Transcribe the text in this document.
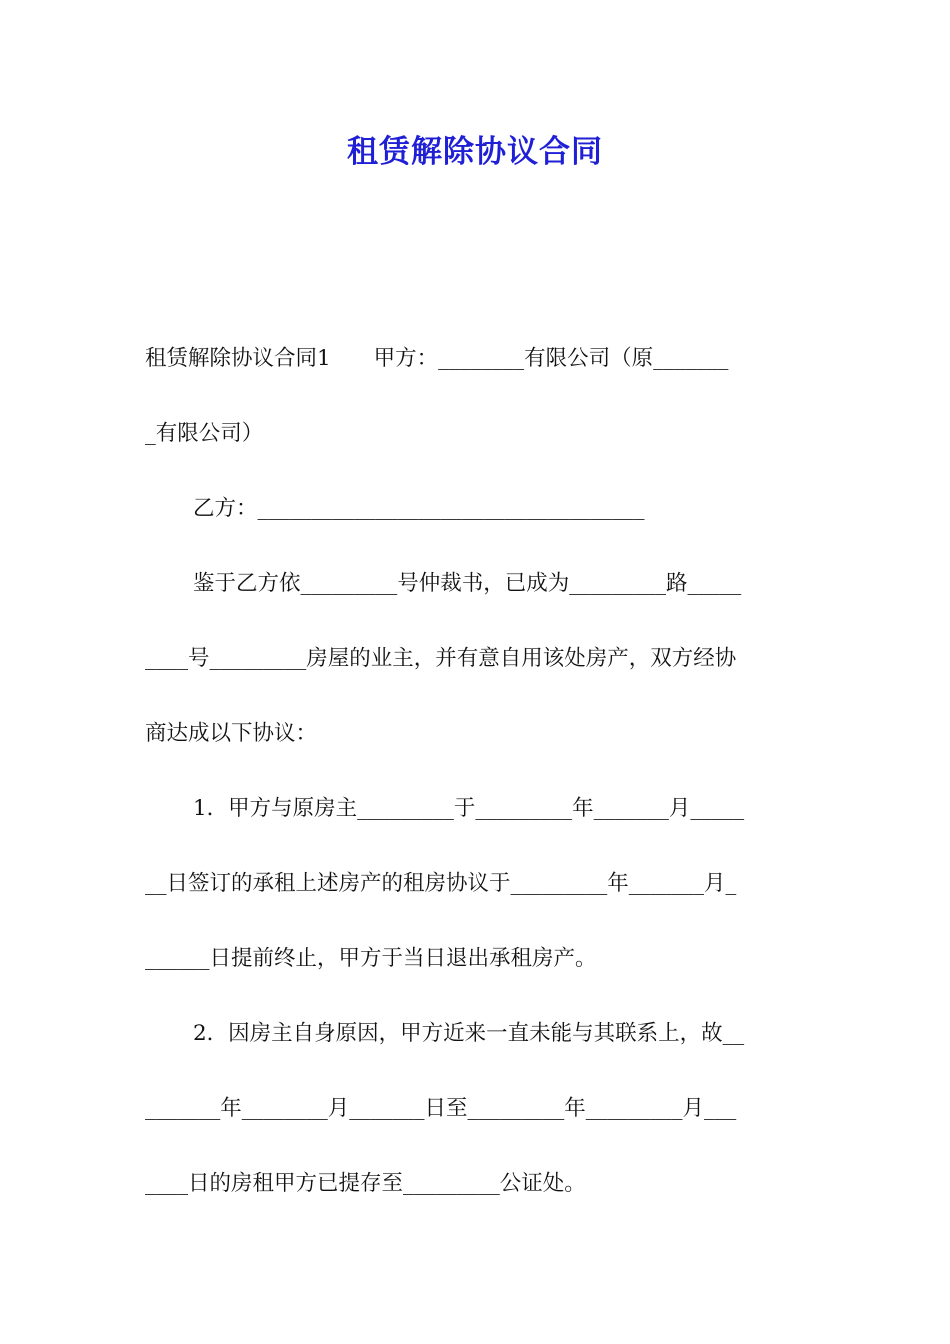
租赁解除协议合同
租赁解除协议合同1　　甲方：________有限公司（原_______
_有限公司）
乙方：____________________________________
鉴于乙方依_________号仲裁书，已成为_________路_____
____号_________房屋的业主，并有意自用该处房产，双方经协
商达成以下协议：
1．甲方与原房主_________于_________年_______月_____
__日签订的承租上述房产的租房协议于_________年_______月_
______日提前终止，甲方于当日退出承租房产。
2．因房主自身原因，甲方近来一直未能与其联系上，故__
_______年________月_______日至_________年_________月___
____日的房租甲方已提存至_________公证处。
